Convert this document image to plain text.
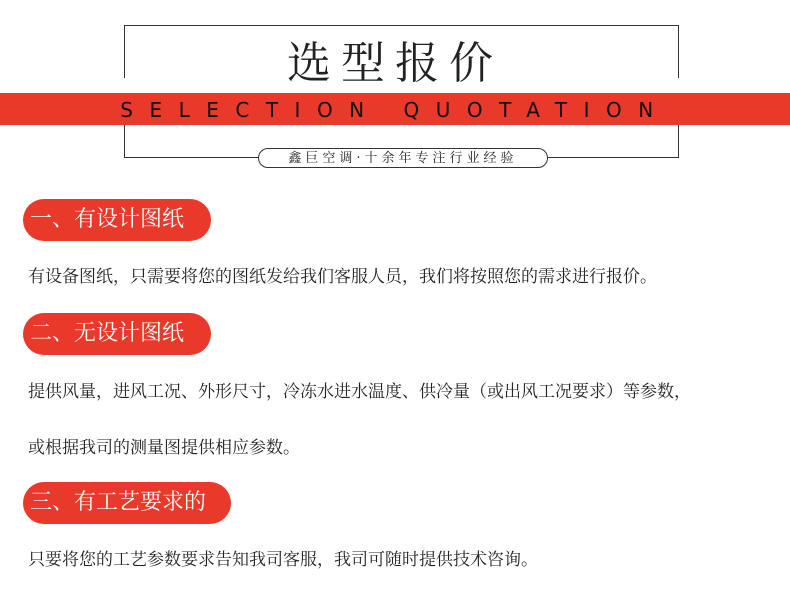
选型报价
SELECTION QUOTATION
鑫巨空调·十余年专注行业经验
一、有设计图纸
有设备图纸，只需要将您的图纸发给我们客服人员，我们将按照您的需求进行报价。
二、无设计图纸
提供风量，进风工况、外形尺寸，冷冻水进水温度、供冷量（或出风工况要求）等参数，
或根据我司的测量图提供相应参数。
三、有工艺要求的
只要将您的工艺参数要求告知我司客服，我司可随时提供技术咨询。
